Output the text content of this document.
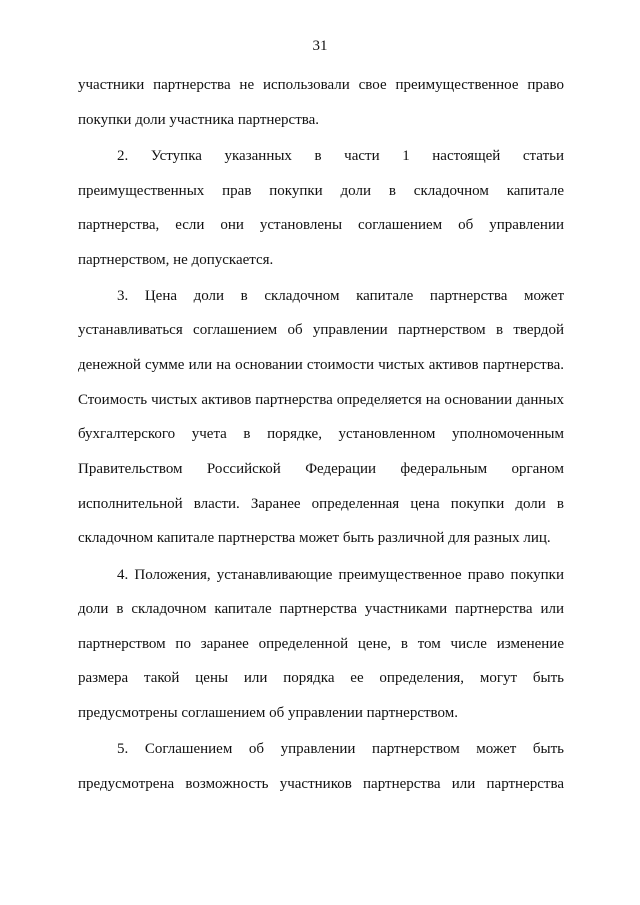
31
участники партнерства не использовали свое преимущественное право
покупки доли участника партнерства.
2. Уступка указанных в части 1 настоящей статьи
преимущественных прав покупки доли в складочном капитале
партнерства, если они установлены соглашением об управлении
партнерством, не допускается.
3. Цена доли в складочном капитале партнерства может
устанавливаться соглашением об управлении партнерством в твердой
денежной сумме или на основании стоимости чистых активов партнерства.
Стоимость чистых активов партнерства определяется на основании данных
бухгалтерского учета в порядке, установленном уполномоченным
Правительством Российской Федерации федеральным органом
исполнительной власти. Заранее определенная цена покупки доли в
складочном капитале партнерства может быть различной для разных лиц.
4. Положения, устанавливающие преимущественное право покупки
доли в складочном капитале партнерства участниками партнерства или
партнерством по заранее определенной цене, в том числе изменение
размера такой цены или порядка ее определения, могут быть
предусмотрены соглашением об управлении партнерством.
5. Соглашением об управлении партнерством может быть
предусмотрена возможность участников партнерства или партнерства
